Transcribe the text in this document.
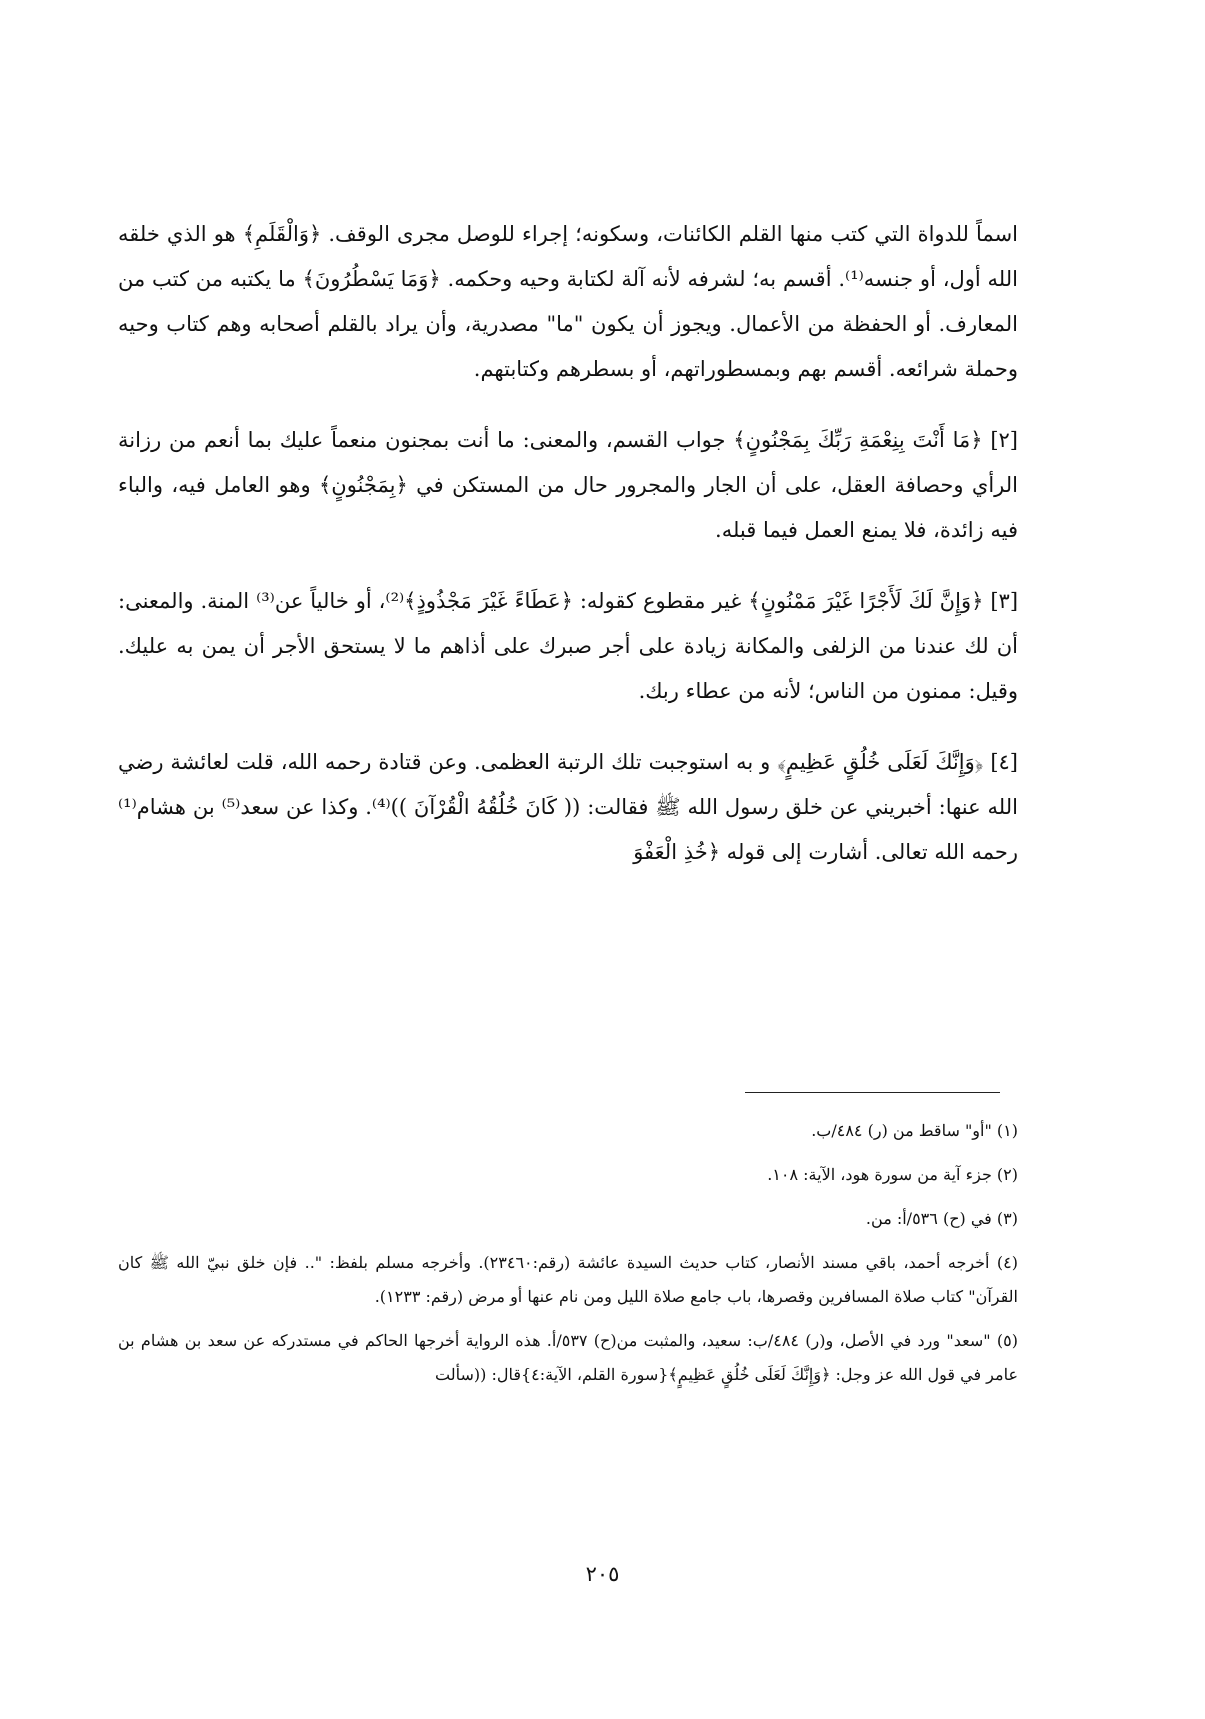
اسماً للدواة التي كتب منها القلم الكائنات، وسكونه؛ إجراء للوصل مجرى الوقف. ﴿وَالْقَلَمِ﴾ هو الذي خلقه الله أول، أو جنسه⁽¹⁾. أقسم به؛ لشرفه لأنه آلة لكتابة وحيه وحكمه. ﴿وَمَا يَسْطُرُونَ﴾ ما يكتبه من كتب من المعارف. أو الحفظة من الأعمال. ويجوز أن يكون "ما" مصدرية، وأن يراد بالقلم أصحابه وهم كتاب وحيه وحملة شرائعه. أقسم بهم وبمسطوراتهم، أو بسطرهم وكتابتهم.

[٢] ﴿مَا أَنْتَ بِنِعْمَةِ رَبِّكَ بِمَجْنُونٍ﴾ جواب القسم، والمعنى: ما أنت بمجنون منعماً عليك بما أنعم من رزانة الرأي وحصافة العقل، على أن الجار والمجرور حال من المستكن في ﴿بِمَجْنُونٍ﴾ وهو العامل فيه، والباء فيه زائدة، فلا يمنع العمل فيما قبله.

[٣] ﴿وَإِنَّ لَكَ لَأَجْرًا غَيْرَ مَمْنُونٍ﴾ غير مقطوع كقوله: ﴿عَطَاءً غَيْرَ مَجْذُوذٍ﴾⁽²⁾، أو خالياً عن⁽³⁾ المنة. والمعنى: أن لك عندنا من الزلفى والمكانة زيادة على أجر صبرك على أذاهم ما لا يستحق الأجر أن يمن به عليك. وقيل: ممنون من الناس؛ لأنه من عطاء ربك.

[٤] ﴿وَإِنَّكَ لَعَلَى خُلُقٍ عَظِيمٍ﴾ و به استوجبت تلك الرتبة العظمى. وعن قتادة رحمه الله، قلت لعائشة رضي الله عنها: أخبريني عن خلق رسول الله ﷺ فقالت: (( كَانَ خُلُقُهُ الْقُرْآنَ ))⁽⁴⁾. وكذا عن سعد⁽⁵⁾ بن هشام⁽¹⁾ رحمه الله تعالى. أشارت إلى قوله ﴿خُذِ الْعَفْوَ

(١) "أو" ساقط من (ر) ٤٨٤/ب.

(٢) جزء آية من سورة هود، الآية: ١٠٨.

(٣) في (ح) ٥٣٦/أ: من.

(٤) أخرجه أحمد، باقي مسند الأنصار، كتاب حديث السيدة عائشة (رقم:٢٣٤٦٠). وأخرجه مسلم بلفظ: ".. فإن خلق نبيّ الله ﷺ كان القرآن" كتاب صلاة المسافرين وقصرها، باب جامع صلاة الليل ومن نام عنها أو مرض (رقم: ١٢٣٣).

(٥) "سعد" ورد في الأصل، و(ر) ٤٨٤/ب: سعيد، والمثبت من(ح) ٥٣٧/أ. هذه الرواية أخرجها الحاكم في مستدركه عن سعد بن هشام بن عامر في قول الله عز وجل: ﴿وَإِنَّكَ لَعَلَى خُلُقٍ عَظِيمٍ﴾{سورة القلم، الآية:٤}قال: ((سألت

٢٠٥
